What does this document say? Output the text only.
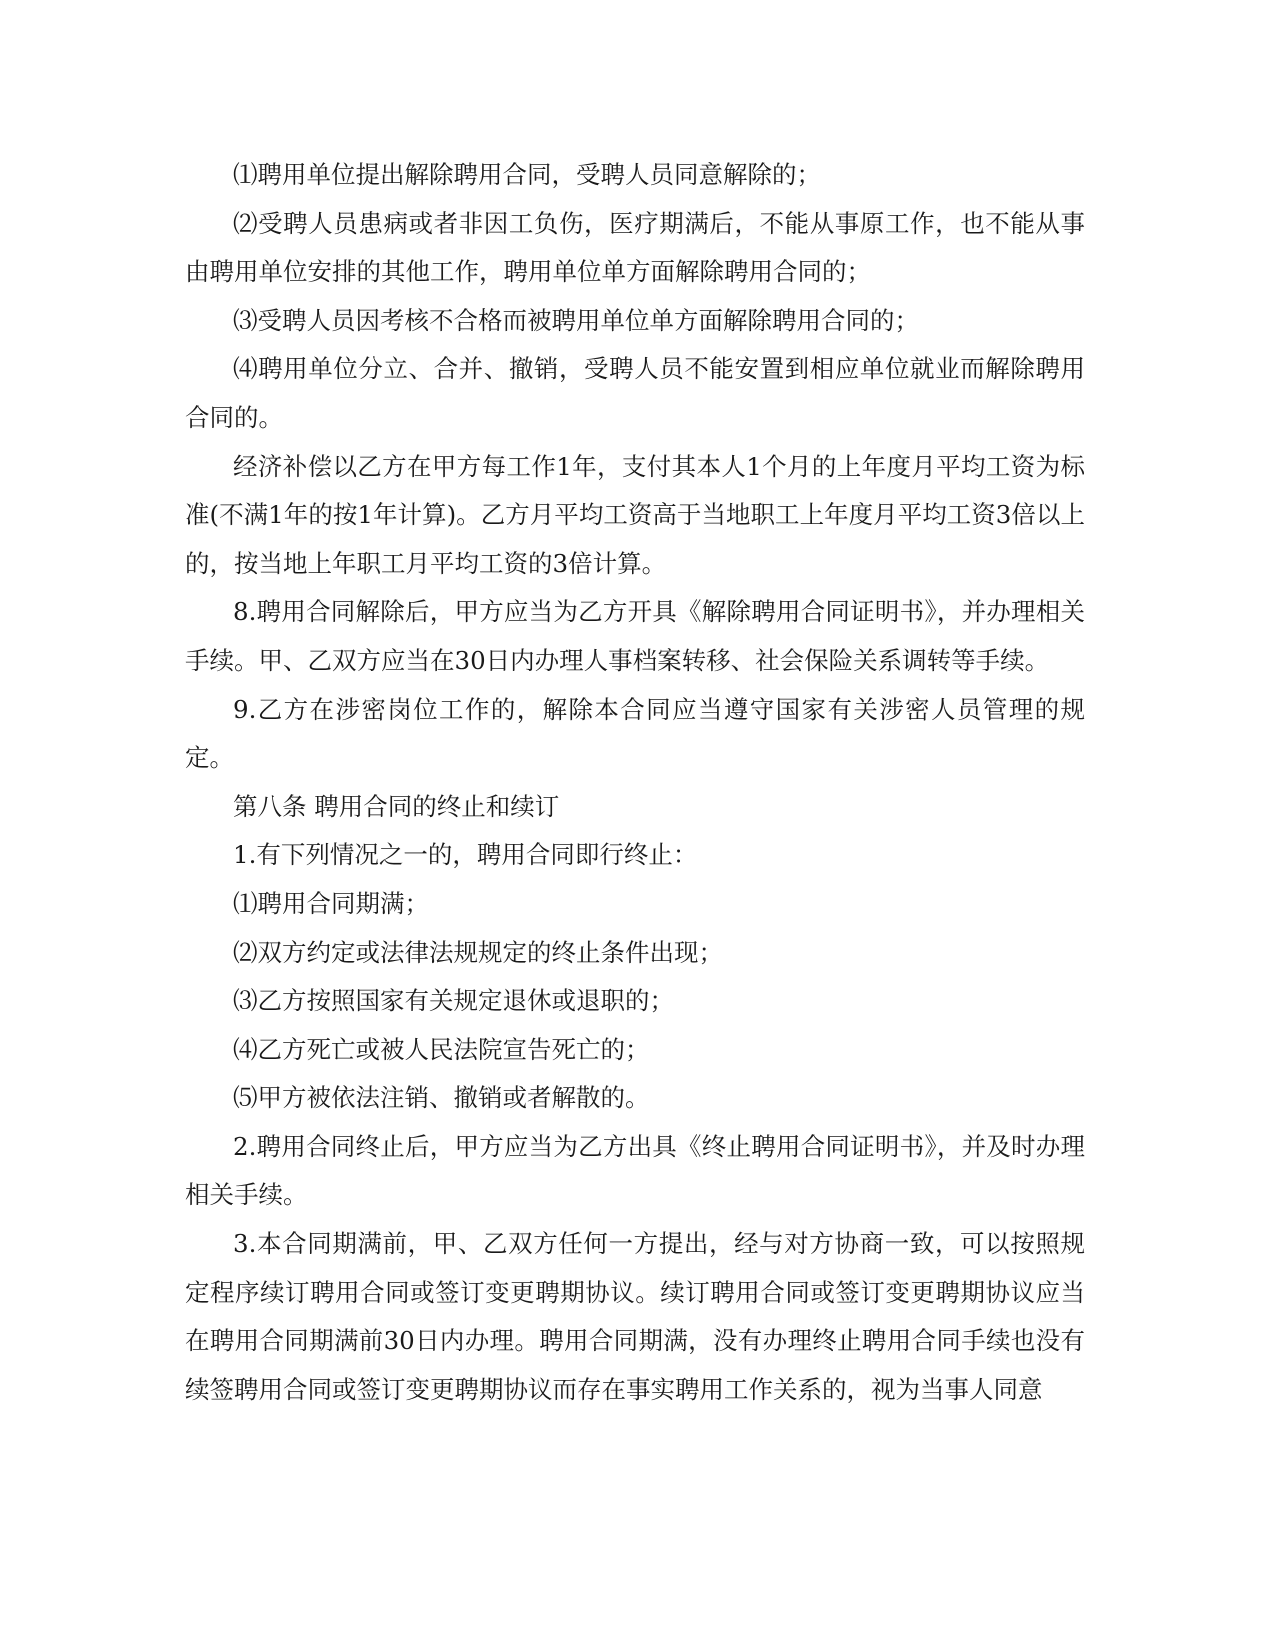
⑴聘用单位提出解除聘用合同，受聘人员同意解除的；

⑵受聘人员患病或者非因工负伤，医疗期满后，不能从事原工作，也不能从事由聘用单位安排的其他工作，聘用单位单方面解除聘用合同的；

⑶受聘人员因考核不合格而被聘用单位单方面解除聘用合同的；

⑷聘用单位分立、合并、撤销，受聘人员不能安置到相应单位就业而解除聘用合同的。

经济补偿以乙方在甲方每工作1年，支付其本人1个月的上年度月平均工资为标准(不满1年的按1年计算)。乙方月平均工资高于当地职工上年度月平均工资3倍以上的，按当地上年职工月平均工资的3倍计算。

8.聘用合同解除后，甲方应当为乙方开具《解除聘用合同证明书》，并办理相关手续。甲、乙双方应当在30日内办理人事档案转移、社会保险关系调转等手续。

9.乙方在涉密岗位工作的，解除本合同应当遵守国家有关涉密人员管理的规定。

第八条 聘用合同的终止和续订

1.有下列情况之一的，聘用合同即行终止：

⑴聘用合同期满；

⑵双方约定或法律法规规定的终止条件出现；

⑶乙方按照国家有关规定退休或退职的；

⑷乙方死亡或被人民法院宣告死亡的；

⑸甲方被依法注销、撤销或者解散的。

2.聘用合同终止后，甲方应当为乙方出具《终止聘用合同证明书》，并及时办理相关手续。

3.本合同期满前，甲、乙双方任何一方提出，经与对方协商一致，可以按照规定程序续订聘用合同或签订变更聘期协议。续订聘用合同或签订变更聘期协议应当在聘用合同期满前30日内办理。聘用合同期满，没有办理终止聘用合同手续也没有续签聘用合同或签订变更聘期协议而存在事实聘用工作关系的，视为当事人同意
